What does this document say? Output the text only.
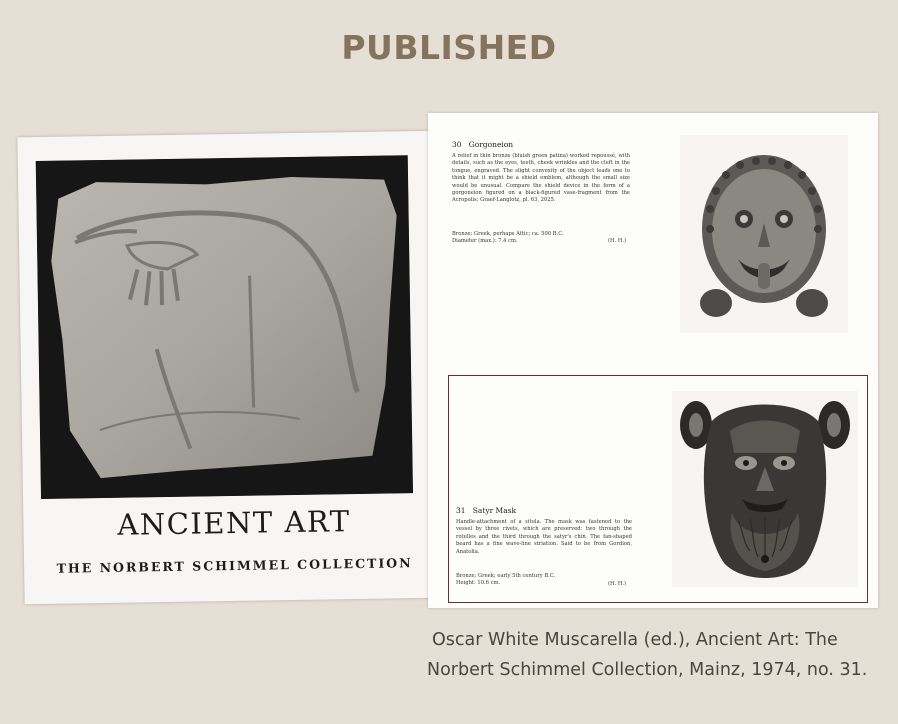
PUBLISHED
ANCIENT ART
THE NORBERT SCHIMMEL COLLECTION
30 Gorgoneion
A relief in thin bronze (bluish green patina) worked repoussé, with details, such as the eyes, teeth, cheek wrinkles and the cleft in the tongue, engraved. The slight convexity of the object leads one to think that it might be a shield emblem, although the small size would be unusual. Compare the shield device in the form of a gorgoneion figured on a black-figured vase-fragment from the Acropolis; Graef-Langlotz, pl. 63, 2025.
Bronze; Greek, perhaps Attic; ca. 500 B.C.
Diameter (max.): 7.4 cm.	(H. H.)
31 Satyr Mask
Handle-attachment of a situla. The mask was fastened to the vessel by three rivets, which are preserved: two through the rotelles and the third through the satyr's chin. The fan-shaped beard has a fine wave-line striation. Said to be from Gordion, Anatolia.
Bronze; Greek; early 5th century B.C.
Height: 10.6 cm.	(H. H.)
Oscar White Muscarella (ed.), Ancient Art: The
Norbert Schimmel Collection, Mainz, 1974, no. 31.
